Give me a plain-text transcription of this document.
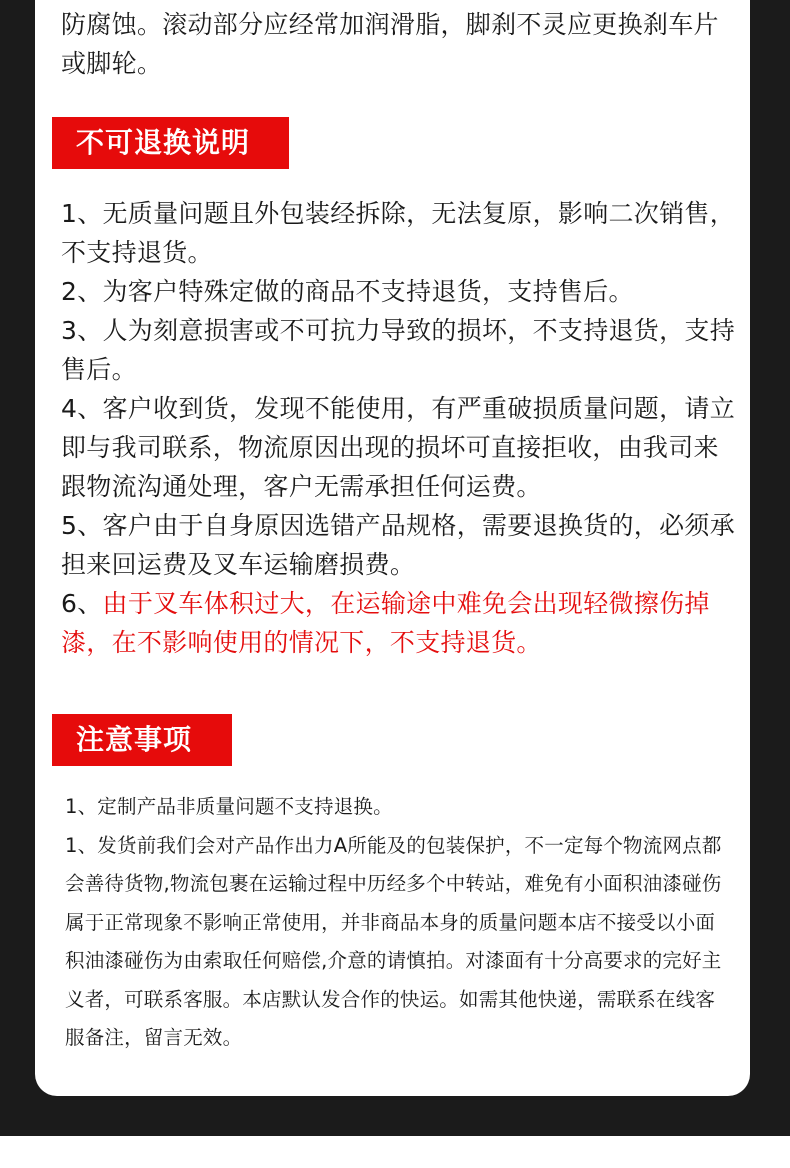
防腐蚀。滚动部分应经常加润滑脂，脚刹不灵应更换刹车片或脚轮。

不可退换说明

1、无质量问题且外包装经拆除，无法复原，影响二次销售，不支持退货。

2、为客户特殊定做的商品不支持退货，支持售后。

3、人为刻意损害或不可抗力导致的损坏，不支持退货，支持售后。

4、客户收到货，发现不能使用，有严重破损质量问题，请立即与我司联系，物流原因出现的损坏可直接拒收，由我司来跟物流沟通处理，客户无需承担任何运费。

5、客户由于自身原因选错产品规格，需要退换货的，必须承担来回运费及叉车运输磨损费。

6、由于叉车体积过大，在运输途中难免会出现轻微擦伤掉漆，在不影响使用的情况下，不支持退货。

注意事项

1、定制产品非质量问题不支持退换。

1、发货前我们会对产品作出力A所能及的包装保护，不一定每个物流网点都会善待货物,物流包裹在运输过程中历经多个中转站，难免有小面积油漆碰伤属于正常现象不影响正常使用，并非商品本身的质量问题本店不接受以小面积油漆碰伤为由索取任何赔偿,介意的请慎拍。对漆面有十分高要求的完好主义者，可联系客服。本店默认发合作的快运。如需其他快递，需联系在线客服备注，留言无效。
